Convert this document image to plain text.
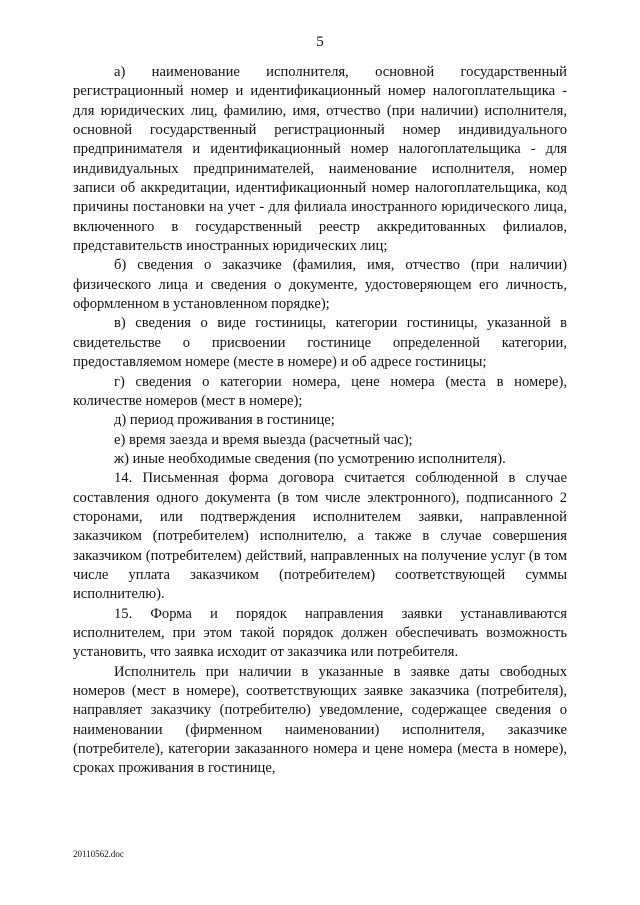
5

а) наименование исполнителя, основной государственный регистрационный номер и идентификационный номер налогоплательщика - для юридических лиц, фамилию, имя, отчество (при наличии) исполнителя, основной государственный регистрационный номер индивидуального предпринимателя и идентификационный номер налогоплательщика - для индивидуальных предпринимателей, наименование исполнителя, номер записи об аккредитации, идентификационный номер налогоплательщика, код причины постановки на учет - для филиала иностранного юридического лица, включенного в государственный реестр аккредитованных филиалов, представительств иностранных юридических лиц;

б) сведения о заказчике (фамилия, имя, отчество (при наличии) физического лица и сведения о документе, удостоверяющем его личность, оформленном в установленном порядке);

в) сведения о виде гостиницы, категории гостиницы, указанной в свидетельстве о присвоении гостинице определенной категории, предоставляемом номере (месте в номере) и об адресе гостиницы;

г) сведения о категории номера, цене номера (места в номере), количестве номеров (мест в номере);

д) период проживания в гостинице;

е) время заезда и время выезда (расчетный час);

ж) иные необходимые сведения (по усмотрению исполнителя).

14. Письменная форма договора считается соблюденной в случае составления одного документа (в том числе электронного), подписанного 2 сторонами, или подтверждения исполнителем заявки, направленной заказчиком (потребителем) исполнителю, а также в случае совершения заказчиком (потребителем) действий, направленных на получение услуг (в том числе уплата заказчиком (потребителем) соответствующей суммы исполнителю).

15. Форма и порядок направления заявки устанавливаются исполнителем, при этом такой порядок должен обеспечивать возможность установить, что заявка исходит от заказчика или потребителя.

Исполнитель при наличии в указанные в заявке даты свободных номеров (мест в номере), соответствующих заявке заказчика (потребителя), направляет заказчику (потребителю) уведомление, содержащее сведения о наименовании (фирменном наименовании) исполнителя, заказчике (потребителе), категории заказанного номера и цене номера (места в номере), сроках проживания в гостинице,

20110562.doc
